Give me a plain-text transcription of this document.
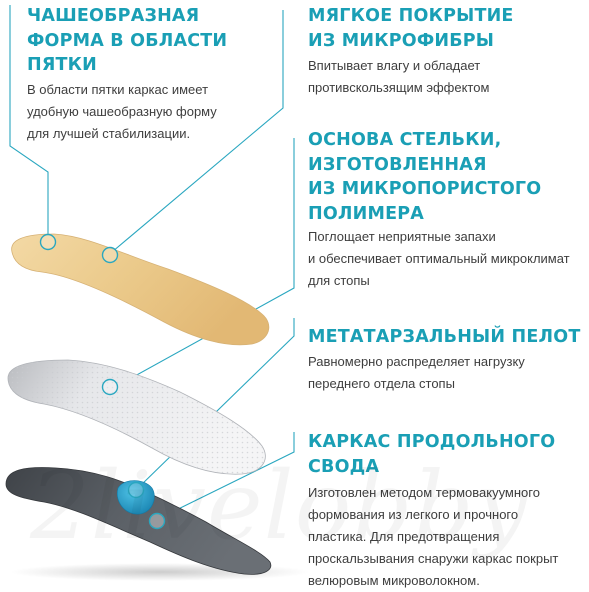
ЧАШЕОБРАЗНАЯ
ФОРМА В ОБЛАСТИ
ПЯТКИ
В области пятки каркас имеет
удобную чашеобразную форму
для лучшей стабилизации.
МЯГКОЕ ПОКРЫТИЕ
ИЗ МИКРОФИБРЫ
Впитывает влагу и обладает
противскользящим эффектом
ОСНОВА СТЕЛЬКИ,
ИЗГОТОВЛЕННАЯ
ИЗ МИКРОПОРИСТОГО
ПОЛИМЕРА
Поглощает неприятные запахи
и обеспечивает оптимальный микроклимат
для стопы
МЕТАТАРЗАЛЬНЫЙ ПЕЛОТ
Равномерно распределяет нагрузку
переднего отдела стопы
КАРКАС ПРОДОЛЬНОГО
СВОДА
Изготовлен методом термовакуумного
формования из легкого и прочного
пластика. Для предотвращения
проскальзывания снаружи каркас покрыт
велюровым микроволокном.
